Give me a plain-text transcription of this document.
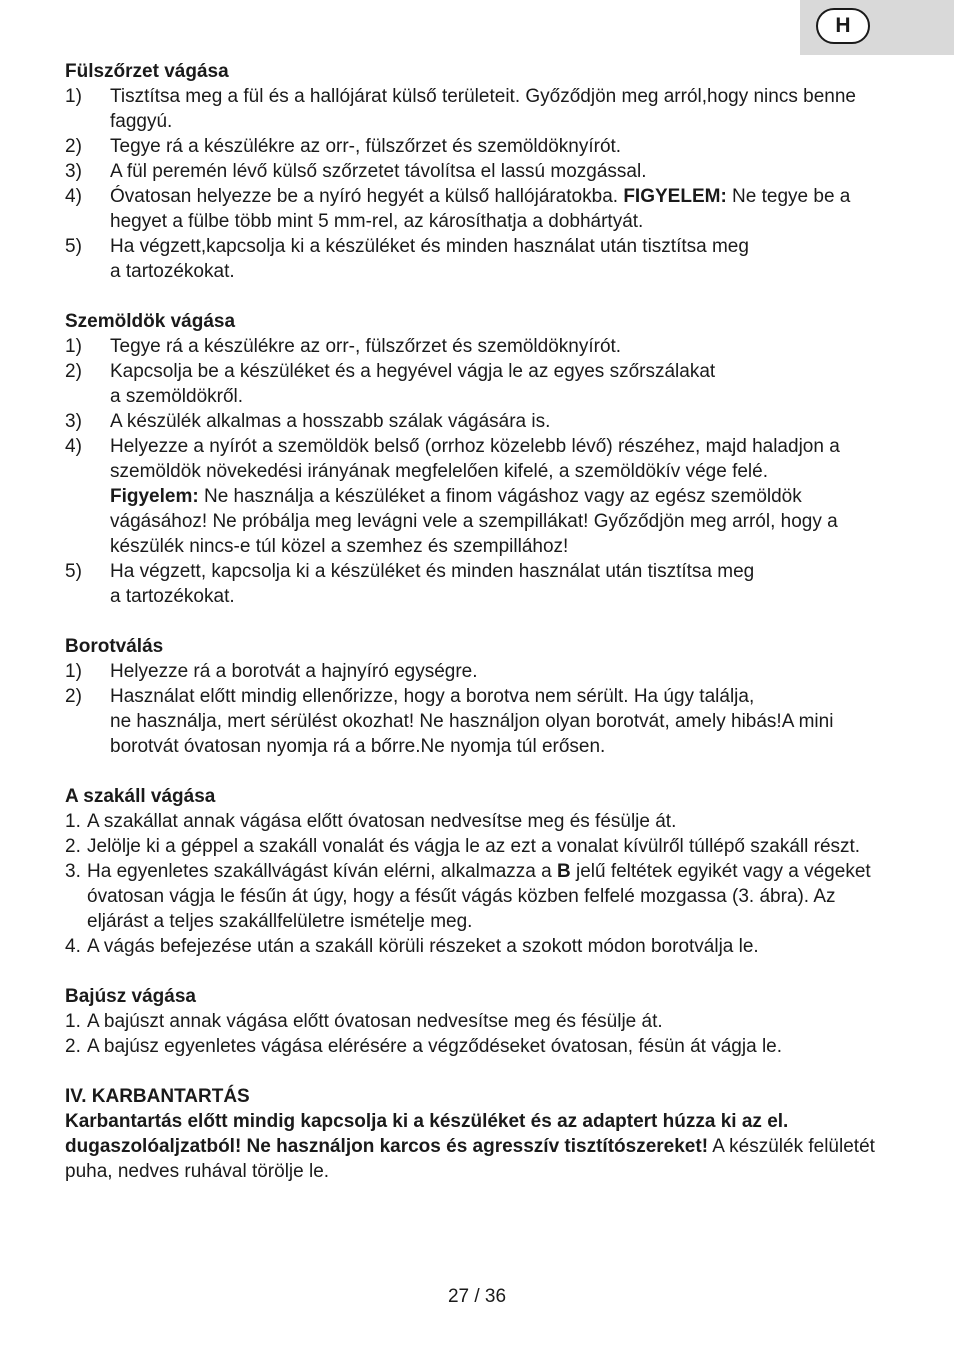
H

Fülszőrzet vágása

1) Tisztítsa meg a fül és a hallójárat külső területeit. Győződjön meg arról,hogy nincs benne faggyú.
2) Tegye rá a készülékre az orr-, fülszőrzet és szemöldöknyírót.
3) A fül peremén lévő külső szőrzetet távolítsa el lassú mozgással.
4) Óvatosan helyezze be a nyíró hegyét a külső hallójáratokba. FIGYELEM: Ne tegye be a hegyet a fülbe több mint 5 mm-rel, az károsíthatja a dobhártyát.
5) Ha végzett,kapcsolja ki a készüléket és minden használat után tisztítsa meg
a tartozékokat.

Szemöldök vágása

1) Tegye rá a készülékre az orr-, fülszőrzet és szemöldöknyírót.
2) Kapcsolja be a készüléket és a hegyével vágja le az egyes szőrszálakat
a szemöldökről.
3) A készülék alkalmas a hosszabb szálak vágására is.
4) Helyezze a nyírót a szemöldök belső (orrhoz közelebb lévő) részéhez, majd haladjon a szemöldök növekedési irányának megfelelően kifelé, a szemöldökív vége felé.
Figyelem: Ne használja a készüléket a finom vágáshoz vagy az egész szemöldök vágásához! Ne próbálja meg levágni vele a szempillákat! Győződjön meg arról, hogy a készülék nincs-e túl közel a szemhez és szempillához!
5) Ha végzett, kapcsolja ki a készüléket és minden használat után tisztítsa meg
a tartozékokat.

Borotválás

1) Helyezze rá a borotvát a hajnyíró egységre.
2) Használat előtt mindig ellenőrizze, hogy a borotva nem sérült. Ha úgy találja,
ne használja, mert sérülést okozhat! Ne használjon olyan borotvát, amely hibás!A mini borotvát óvatosan nyomja rá a bőrre.Ne nyomja túl erősen.

A szakáll vágása

1. A szakállat annak vágása előtt óvatosan nedvesítse meg és fésülje át.
2. Jelölje ki a géppel a szakáll vonalát és vágja le az ezt a vonalat kívülről túllépő szakáll részt.
3. Ha egyenletes szakállvágást kíván elérni, alkalmazza a B jelű feltétek egyikét vagy a végeket óvatosan vágja le fésűn át úgy, hogy a fésűt vágás közben felfelé mozgassa (3. ábra). Az eljárást a teljes szakállfelületre ismételje meg.
4. A vágás befejezése után a szakáll körüli részeket a szokott módon borotválja le.

Bajúsz vágása

1. A bajúszt annak vágása előtt óvatosan nedvesítse meg és fésülje át.
2. A bajúsz egyenletes vágása elérésére a végződéseket óvatosan, fésün át vágja le.

IV. KARBANTARTÁS

Karbantartás előtt mindig kapcsolja ki a készüléket és az adaptert húzza ki az el. dugaszolóaljzatból! Ne használjon karcos és agresszív tisztítószereket! A készülék felületét puha, nedves ruhával törölje le.
27 / 36
